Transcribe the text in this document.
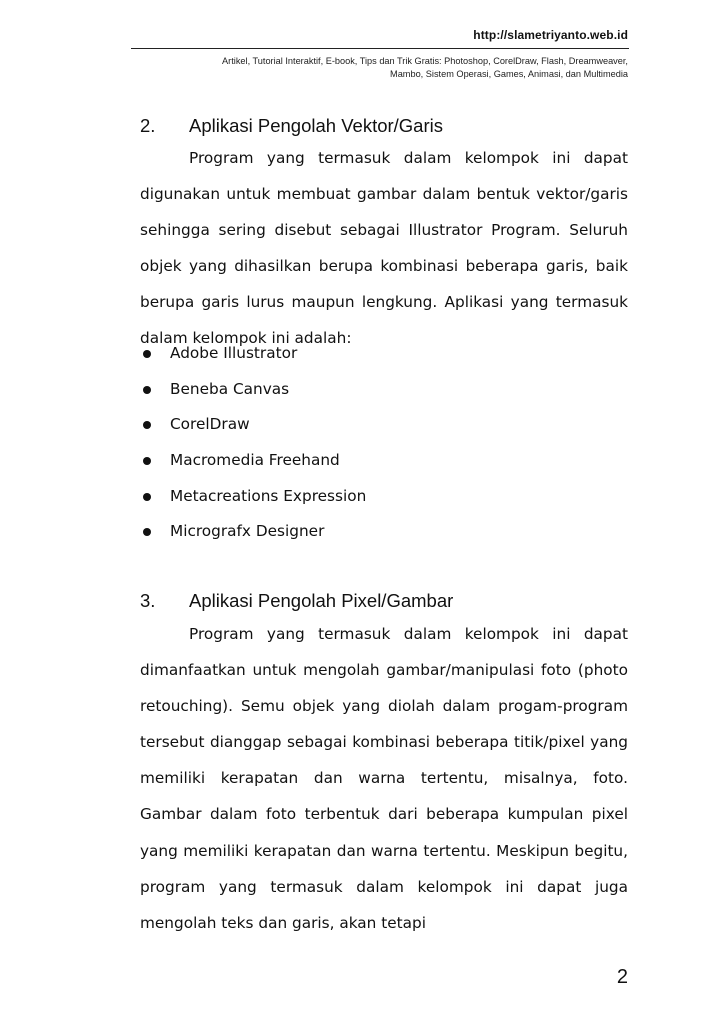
http://slametriyanto.web.id
Artikel, Tutorial Interaktif, E-book, Tips dan Trik Gratis: Photoshop, CorelDraw, Flash, Dreamweaver, Mambo, Sistem Operasi, Games, Animasi, dan Multimedia
2. Aplikasi Pengolah Vektor/Garis
Program yang termasuk dalam kelompok ini dapat digunakan untuk membuat gambar dalam bentuk vektor/garis sehingga sering disebut sebagai Illustrator Program. Seluruh objek yang dihasilkan berupa kombinasi beberapa garis, baik berupa garis lurus maupun lengkung. Aplikasi yang termasuk dalam kelompok ini adalah:
Adobe Illustrator
Beneba Canvas
CorelDraw
Macromedia Freehand
Metacreations Expression
Micrografx Designer
3. Aplikasi Pengolah Pixel/Gambar
Program yang termasuk dalam kelompok ini dapat dimanfaatkan untuk mengolah gambar/manipulasi foto (photo retouching). Semu objek yang diolah dalam progam-program tersebut dianggap sebagai kombinasi beberapa titik/pixel yang memiliki kerapatan dan warna tertentu, misalnya, foto. Gambar dalam foto terbentuk dari beberapa kumpulan pixel yang memiliki kerapatan dan warna tertentu. Meskipun begitu, program yang termasuk dalam kelompok ini dapat juga mengolah teks dan garis, akan tetapi
2
